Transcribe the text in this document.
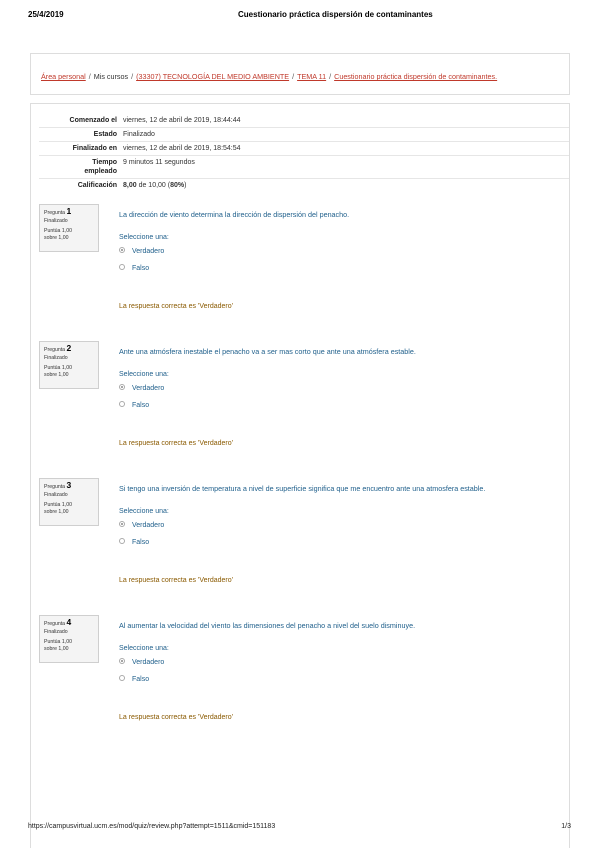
25/4/2019	Cuestionario práctica dispersión de contaminantes
Área personal / Mis cursos / (33307) TECNOLOGÍA DEL MEDIO AMBIENTE / TEMA 11 / Cuestionario práctica dispersión de contaminantes.
Comenzado el	viernes, 12 de abril de 2019, 18:44:44
Estado	Finalizado
Finalizado en	viernes, 12 de abril de 2019, 18:54:54
Tiempo
empleado	9 minutos 11 segundos
Calificación	8,00 de 10,00 (80%)
Pregunta 1
Finalizado
Puntúa 1,00
sobre 1,00
La dirección de viento determina la dirección de dispersión del penacho.
Seleccione una:
Verdadero
Falso
La respuesta correcta es 'Verdadero'
Pregunta 2
Finalizado
Puntúa 1,00
sobre 1,00
Ante una atmósfera inestable el penacho va a ser mas corto que ante una atmósfera estable.
Seleccione una:
Verdadero
Falso
La respuesta correcta es 'Verdadero'
Pregunta 3
Finalizado
Puntúa 1,00
sobre 1,00
Si tengo una inversión de temperatura a nivel de superficie significa que me encuentro ante una atmosfera estable.
Seleccione una:
Verdadero
Falso
La respuesta correcta es 'Verdadero'
Pregunta 4
Finalizado
Puntúa 1,00
sobre 1,00
Al aumentar la velocidad del viento las dimensiones del penacho a nivel del suelo disminuye.
Seleccione una:
Verdadero
Falso
La respuesta correcta es 'Verdadero'
https://campusvirtual.ucm.es/mod/quiz/review.php?attempt=1511&cmid=151183	1/3
